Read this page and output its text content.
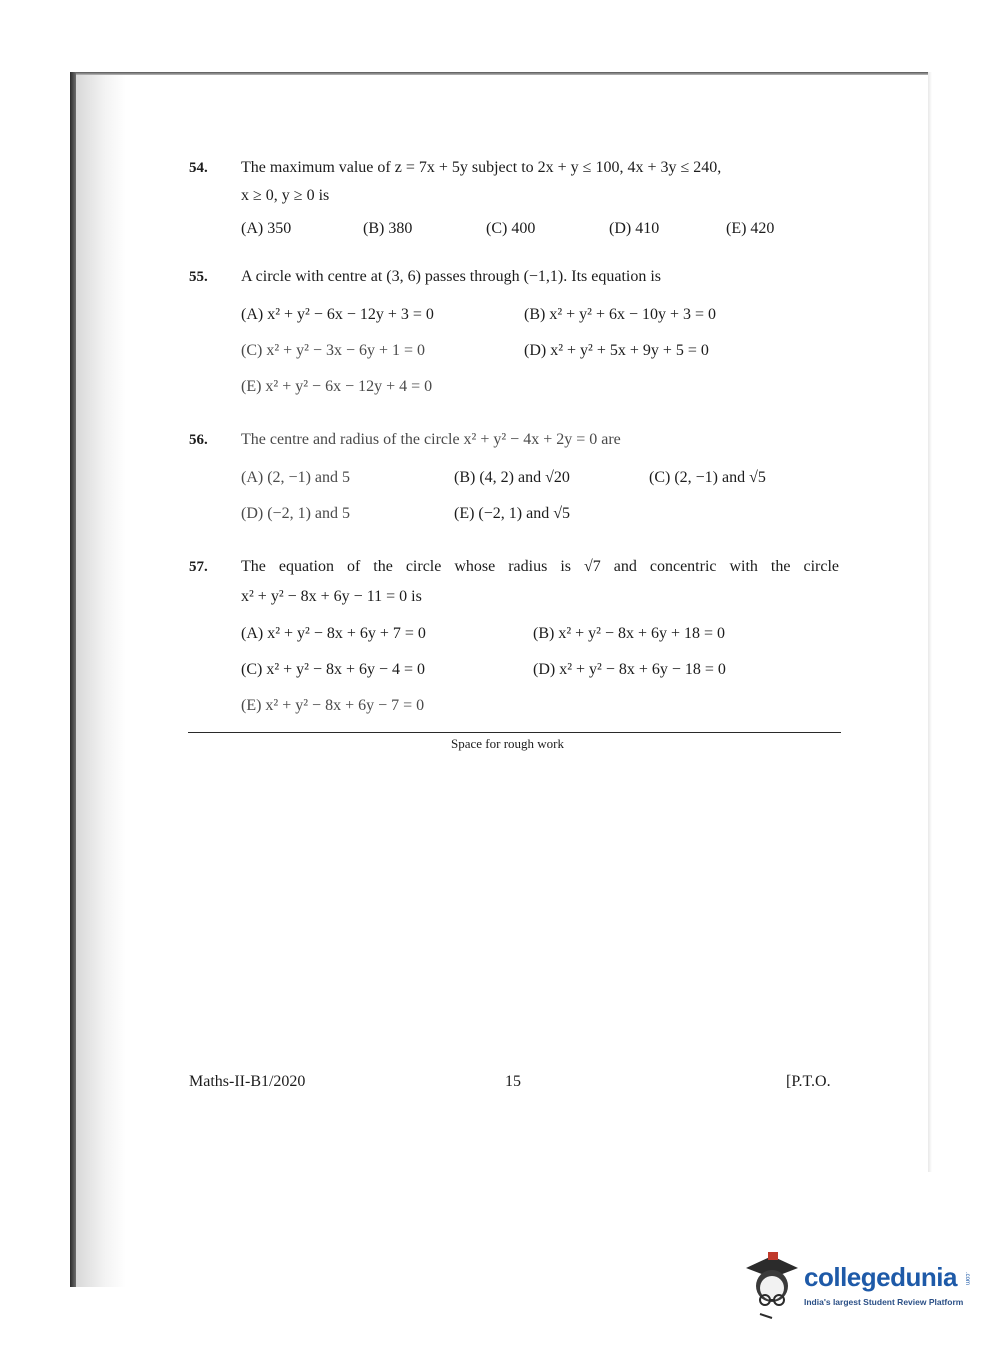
54. The maximum value of z = 7x + 5y subject to 2x + y ≤ 100, 4x + 3y ≤ 240,
x ≥ 0, y ≥ 0 is
(A) 350	(B) 380	(C) 400	(D) 410	(E) 420
55. A circle with centre at (3, 6) passes through (−1,1). Its equation is
(A) x² + y² − 6x − 12y + 3 = 0	(B) x² + y² + 6x − 10y + 3 = 0
(C) x² + y² − 3x − 6y + 1 = 0	(D) x² + y² + 5x + 9y + 5 = 0
(E) x² + y² − 6x − 12y + 4 = 0
56. The centre and radius of the circle x² + y² − 4x + 2y = 0 are
(A) (2, −1) and 5	(B) (4, 2) and √20	(C) (2, −1) and √5
(D) (−2, 1) and 5	(E) (−2, 1) and √5
57. The equation of the circle whose radius is √7 and concentric with the circle
x² + y² − 8x + 6y − 11 = 0 is
(A) x² + y² − 8x + 6y + 7 = 0	(B) x² + y² − 8x + 6y + 18 = 0
(C) x² + y² − 8x + 6y − 4 = 0	(D) x² + y² − 8x + 6y − 18 = 0
(E) x² + y² − 8x + 6y − 7 = 0
Space for rough work
Maths-II-B1/2020	15	[P.T.O.
collegedunia .com
India's largest Student Review Platform
